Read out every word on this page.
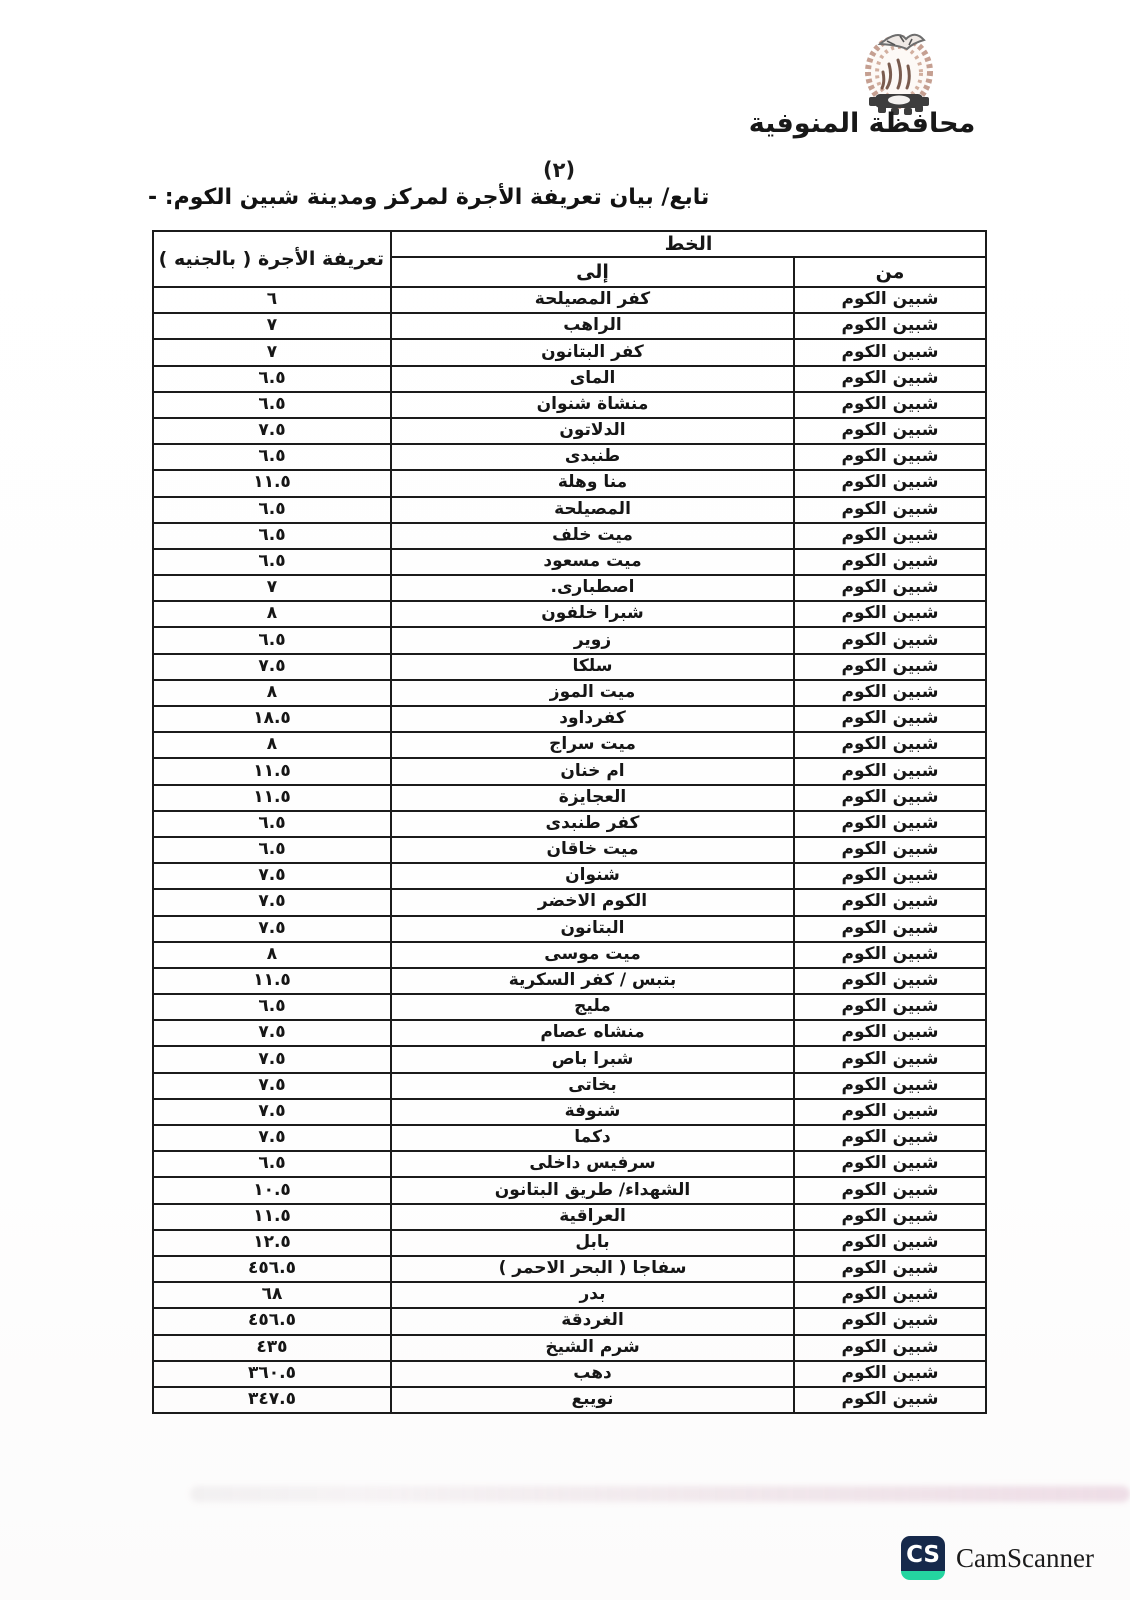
محافظة المنوفية
(٢)
تابع/ بيان تعريفة الأجرة لمركز ومدينة شبين الكوم: -
الخط		تعريفة الأجرة ( بالجنيه )
من	إلى	
شبين الكوم	كفر المصيلحة	٦
شبين الكوم	الراهب	٧
شبين الكوم	كفر البتانون	٧
شبين الكوم	الماى	٦.٥
شبين الكوم	منشاة شنوان	٦.٥
شبين الكوم	الدلاتون	٧.٥
شبين الكوم	طنبدى	٦.٥
شبين الكوم	منا وهلة	١١.٥
شبين الكوم	المصيلحة	٦.٥
شبين الكوم	ميت خلف	٦.٥
شبين الكوم	ميت مسعود	٦.٥
شبين الكوم	اصطبارى.	٧
شبين الكوم	شبرا خلفون	٨
شبين الكوم	زوير	٦.٥
شبين الكوم	سلكا	٧.٥
شبين الكوم	ميت الموز	٨
شبين الكوم	كفرداود	١٨.٥
شبين الكوم	ميت سراج	٨
شبين الكوم	ام خنان	١١.٥
شبين الكوم	العجايزة	١١.٥
شبين الكوم	كفر طنبدى	٦.٥
شبين الكوم	ميت خاقان	٦.٥
شبين الكوم	شنوان	٧.٥
شبين الكوم	الكوم الاخضر	٧.٥
شبين الكوم	البتانون	٧.٥
شبين الكوم	ميت موسى	٨
شبين الكوم	بتبس / كفر السكرية	١١.٥
شبين الكوم	مليج	٦.٥
شبين الكوم	منشاه عصام	٧.٥
شبين الكوم	شبرا باص	٧.٥
شبين الكوم	بخاتى	٧.٥
شبين الكوم	شنوفة	٧.٥
شبين الكوم	دكما	٧.٥
شبين الكوم	سرفيس داخلى	٦.٥
شبين الكوم	الشهداء/ طريق البتانون	١٠.٥
شبين الكوم	العراقية	١١.٥
شبين الكوم	بابل	١٢.٥
شبين الكوم	سفاجا ( البحر الاحمر )	٤٥٦.٥
شبين الكوم	بدر	٦٨
شبين الكوم	الغردقة	٤٥٦.٥
شبين الكوم	شرم الشيخ	٤٣٥
شبين الكوم	دهب	٣٦٠.٥
شبين الكوم	نويبع	٣٤٧.٥
CS CamScanner
